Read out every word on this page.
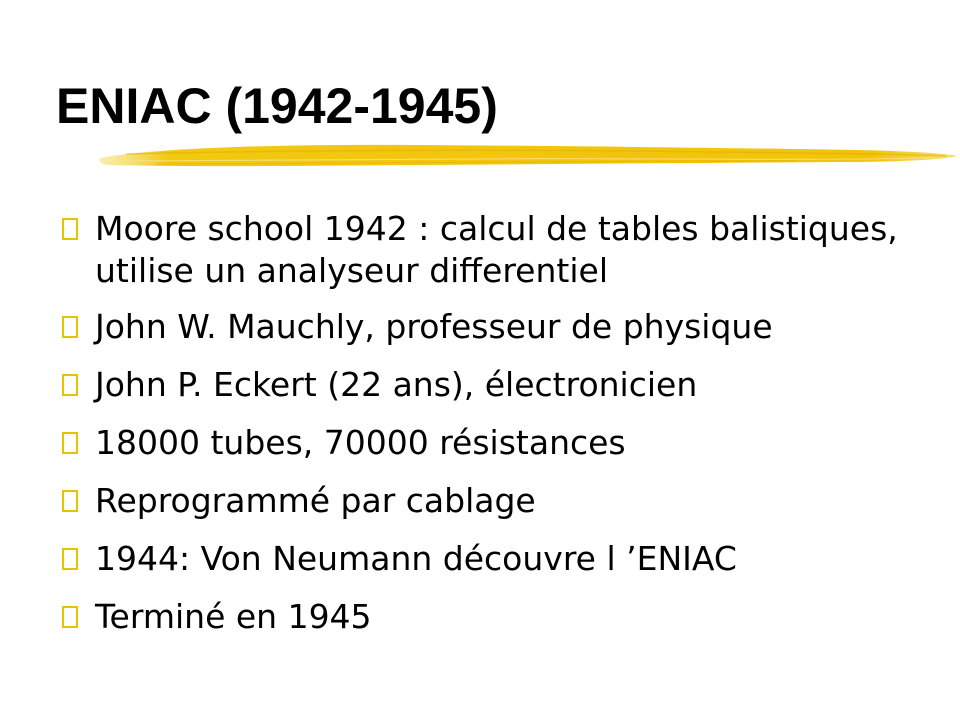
ENIAC (1942-1945)
Moore school 1942 : calcul de tables balistiques, utilise un analyseur differentiel
John W. Mauchly, professeur de physique
John P. Eckert (22 ans), électronicien
18000 tubes, 70000 résistances
Reprogrammé par cablage
1944: Von Neumann découvre l ’ENIAC
Terminé en 1945
